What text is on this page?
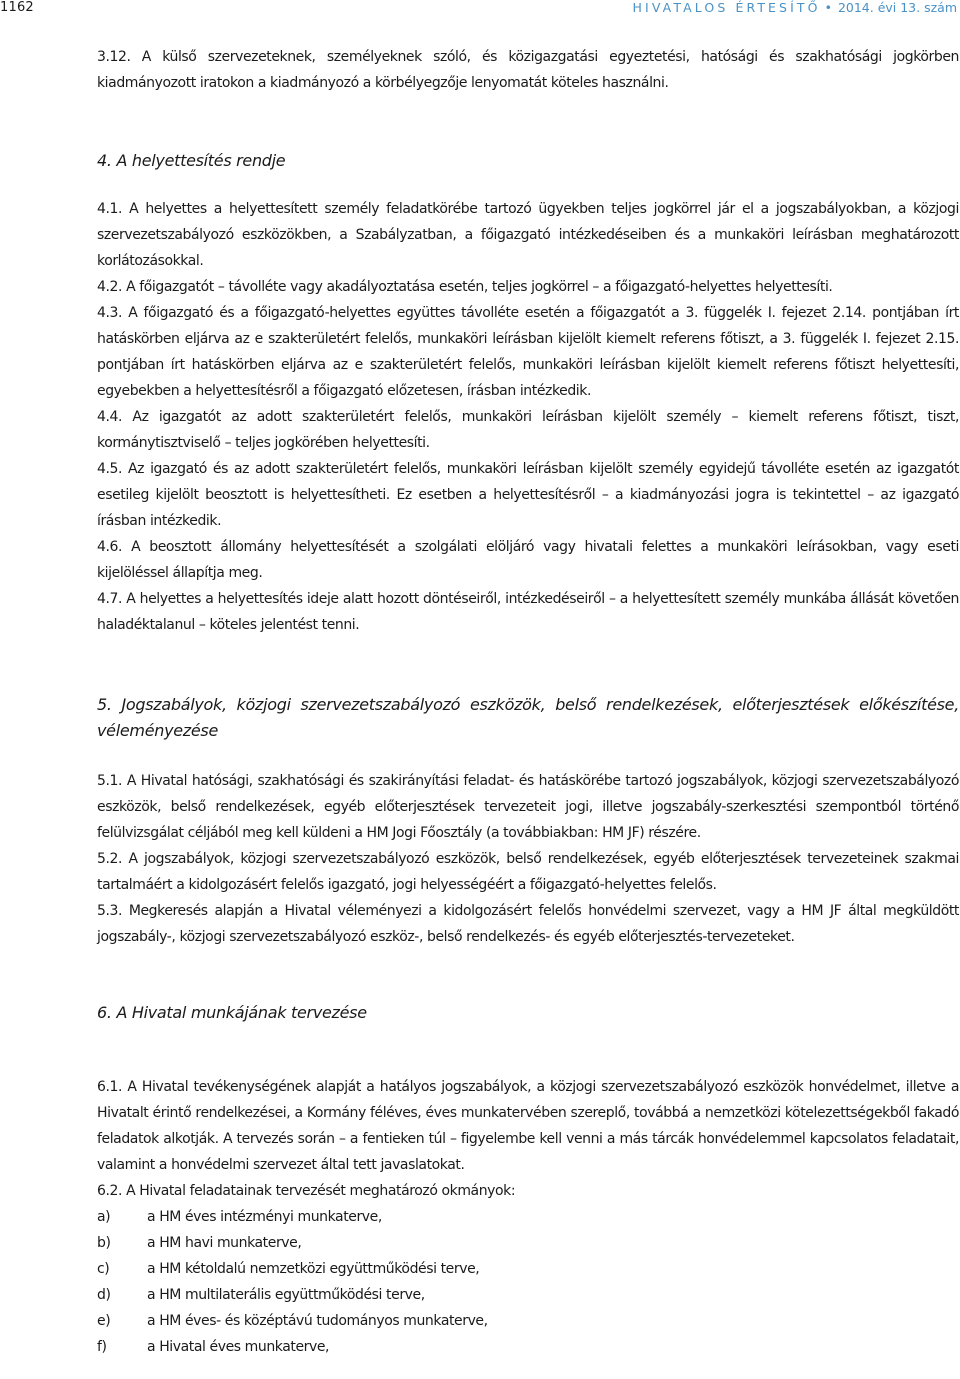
1162	HIVATALOS ÉRTESÍTŐ • 2014. évi 13. szám

3.12. A külső szervezeteknek, személyeknek szóló, és közigazgatási egyeztetési, hatósági és szakhatósági jogkörben kiadmányozott iratokon a kiadmányozó a körbélyegzője lenyomatát köteles használni.

4. A helyettesítés rendje

4.1. A helyettes a helyettesített személy feladatkörébe tartozó ügyekben teljes jogkörrel jár el a jogszabályokban, a közjogi szervezetszabályozó eszközökben, a Szabályzatban, a főigazgató intézkedéseiben és a munkaköri leírásban meghatározott korlátozásokkal.

4.2. A főigazgatót – távolléte vagy akadályoztatása esetén, teljes jogkörrel – a főigazgató-helyettes helyettesíti.

4.3. A főigazgató és a főigazgató-helyettes együttes távolléte esetén a főigazgatót a 3. függelék I. fejezet 2.14. pontjában írt hatáskörben eljárva az e szakterületért felelős, munkaköri leírásban kijelölt kiemelt referens főtiszt, a 3. függelék I. fejezet 2.15. pontjában írt hatáskörben eljárva az e szakterületért felelős, munkaköri leírásban kijelölt kiemelt referens főtiszt helyettesíti, egyebekben a helyettesítésről a főigazgató előzetesen, írásban intézkedik.

4.4. Az igazgatót az adott szakterületért felelős, munkaköri leírásban kijelölt személy – kiemelt referens főtiszt, tiszt, kormánytisztviselő – teljes jogkörében helyettesíti.

4.5. Az igazgató és az adott szakterületért felelős, munkaköri leírásban kijelölt személy egyidejű távolléte esetén az igazgatót esetileg kijelölt beosztott is helyettesítheti. Ez esetben a helyettesítésről – a kiadmányozási jogra is tekintettel – az igazgató írásban intézkedik.

4.6. A beosztott állomány helyettesítését a szolgálati elöljáró vagy hivatali felettes a munkaköri leírásokban, vagy eseti kijelöléssel állapítja meg.

4.7. A helyettes a helyettesítés ideje alatt hozott döntéseiről, intézkedéseiről – a helyettesített személy munkába állását követően haladéktalanul – köteles jelentést tenni.

5. Jogszabályok, közjogi szervezetszabályozó eszközök, belső rendelkezések, előterjesztések előkészítése, véleményezése

5.1. A Hivatal hatósági, szakhatósági és szakirányítási feladat- és hatáskörébe tartozó jogszabályok, közjogi szervezetszabályozó eszközök, belső rendelkezések, egyéb előterjesztések tervezeteit jogi, illetve jogszabály-szerkesztési szempontból történő felülvizsgálat céljából meg kell küldeni a HM Jogi Főosztály (a továbbiakban: HM JF) részére.

5.2. A jogszabályok, közjogi szervezetszabályozó eszközök, belső rendelkezések, egyéb előterjesztések tervezeteinek szakmai tartalmáért a kidolgozásért felelős igazgató, jogi helyességéért a főigazgató-helyettes felelős.

5.3. Megkeresés alapján a Hivatal véleményezi a kidolgozásért felelős honvédelmi szervezet, vagy a HM JF által megküldött jogszabály-, közjogi szervezetszabályozó eszköz-, belső rendelkezés- és egyéb előterjesztés-tervezeteket.

6. A Hivatal munkájának tervezése

6.1. A Hivatal tevékenységének alapját a hatályos jogszabályok, a közjogi szervezetszabályozó eszközök honvédelmet, illetve a Hivatalt érintő rendelkezései, a Kormány féléves, éves munkatervében szereplő, továbbá a nemzetközi kötelezettségekből fakadó feladatok alkotják. A tervezés során – a fentieken túl – figyelembe kell venni a más tárcák honvédelemmel kapcsolatos feladatait, valamint a honvédelmi szervezet által tett javaslatokat.

6.2. A Hivatal feladatainak tervezését meghatározó okmányok:

a)	a HM éves intézményi munkaterve,
b)	a HM havi munkaterve,
c)	a HM kétoldalú nemzetközi együttműködési terve,
d)	a HM multilaterális együttműködési terve,
e)	a HM éves- és középtávú tudományos munkaterve,
f)	a Hivatal éves munkaterve,
